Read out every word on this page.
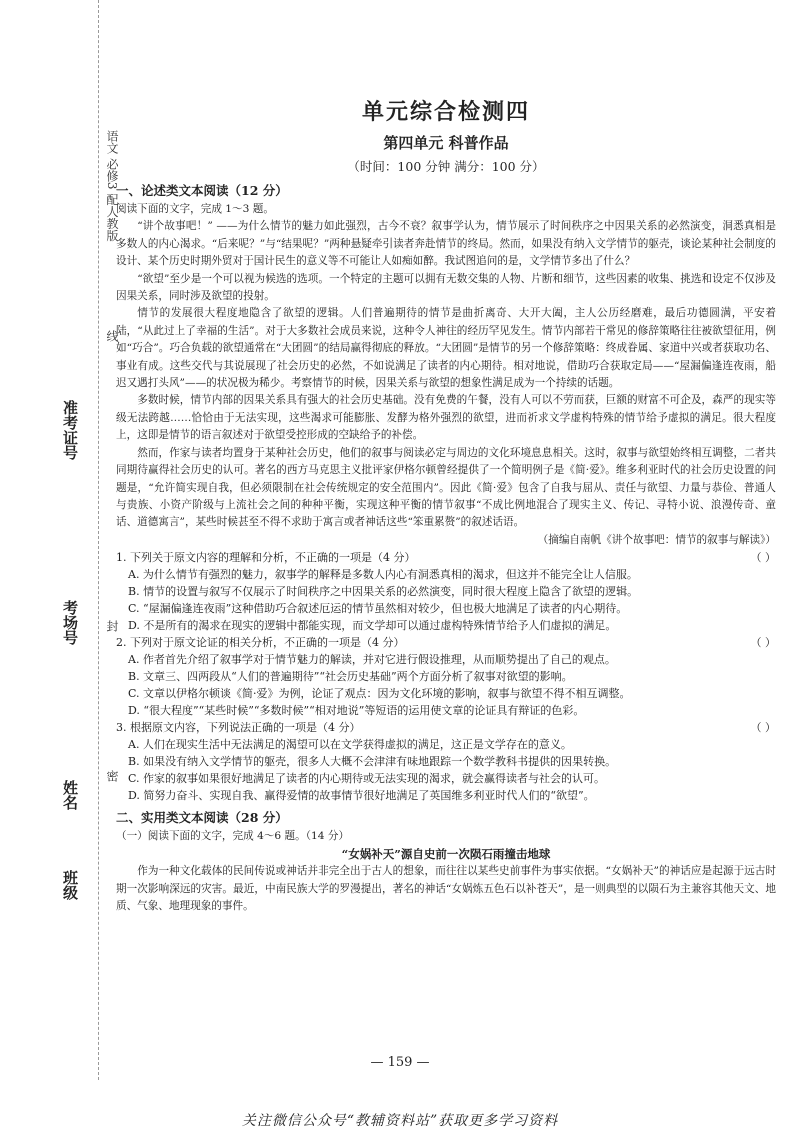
语文 必修3 配人教版
线
封
密
准考证号
考场号
姓名
班级
单元综合检测四
第四单元 科普作品
（时间：100 分钟 满分：100 分）
一、论述类文本阅读（12 分）

阅读下面的文字，完成 1～3 题。

“讲个故事吧！” ——为什么情节的魅力如此强烈，古今不衰？叙事学认为，情节展示了时间秩序之中因果关系的必然演变，洞悉真相是多数人的内心渴求。“后来呢？”与“结果呢？”两种悬疑牵引读者奔赴情节的终局。然而，如果没有纳入文学情节的躯壳，谈论某种社会制度的设计、某个历史时期外贸对于国计民生的意义等不可能让人如痴如醉。我试图追问的是，文学情节多出了什么？

“欲望”至少是一个可以视为候选的选项。一个特定的主题可以拥有无数交集的人物、片断和细节，这些因素的收集、挑选和设定不仅涉及因果关系，同时涉及欲望的投射。

情节的发展很大程度地隐含了欲望的逻辑。人们普遍期待的情节是曲折离奇、大开大阖，主人公历经磨难，最后功德圆满，平安着陆，“从此过上了幸福的生活”。对于大多数社会成员来说，这种令人神往的经历罕见发生。情节内部若干常见的修辞策略往往被欲望征用，例如“巧合”。巧合负载的欲望通常在“大团圆”的结局赢得彻底的释放。“大团圆”是情节的另一个修辞策略：终成眷属、家道中兴或者获取功名、事业有成。这些交代与其说展现了社会历史的必然，不如说满足了读者的内心期待。相对地说，借助巧合获取定局——“屋漏偏逢连夜雨，船迟又遇打头风”——的状况极为稀少。考察情节的时候，因果关系与欲望的想象性满足成为一个持续的话题。

多数时候，情节内部的因果关系具有强大的社会历史基础。没有免费的午餐，没有人可以不劳而获，巨额的财富不可企及，森严的现实等级无法跨越……恰恰由于无法实现，这些渴求可能膨胀、发酵为格外强烈的欲望，进而祈求文学虚构特殊的情节给予虚拟的满足。很大程度上，这即是情节的语言叙述对于欲望受控形成的空缺给予的补偿。

然而，作家与读者均置身于某种社会历史，他们的叙事与阅读必定与周边的文化环境息息相关。这时，叙事与欲望始终相互调整，二者共同期待赢得社会历史的认可。著名的西方马克思主义批评家伊格尔顿曾经提供了一个简明例子是《简·爱》。维多利亚时代的社会历史设置的问题是，“允许简实现自我，但必须限制在社会传统规定的安全范围内”。因此《简·爱》包含了自我与屈从、责任与欲望、力量与恭俭、普通人与贵族、小资产阶级与上流社会之间的种种平衡，实现这种平衡的情节叙事“不成比例地混合了现实主义、传记、寻特小说、浪漫传奇、童话、道德寓言”，某些时候甚至不得不求助于寓言或者神话这些“笨重累赘”的叙述话语。

（摘编自南帆《讲个故事吧：情节的叙事与解读》）
1. 下列关于原文内容的理解和分析，不正确的一项是（4 分）	（ ）
A. 为什么情节有强烈的魅力，叙事学的解释是多数人内心有洞悉真相的渴求，但这并不能完全让人信服。
B. 情节的设置与叙写不仅展示了时间秩序之中因果关系的必然演变，同时很大程度上隐含了欲望的逻辑。
C. “屋漏偏逢连夜雨”这种借助巧合叙述厄运的情节虽然相对较少，但也极大地满足了读者的内心期待。
D. 不是所有的渴求在现实的逻辑中都能实现，而文学却可以通过虚构特殊情节给予人们虚拟的满足。
2. 下列对于原文论证的相关分析，不正确的一项是（4 分）	（ ）
A. 作者首先介绍了叙事学对于情节魅力的解读，并对它进行假设推理，从而顺势提出了自己的观点。
B. 文章三、四两段从“人们的普遍期待”“社会历史基础”两个方面分析了叙事对欲望的影响。
C. 文章以伊格尔顿谈《简·爱》为例，论证了观点：因为文化环境的影响，叙事与欲望不得不相互调整。
D. “很大程度”“某些时候”“多数时候”“相对地说”等短语的运用使文章的论证具有辩证的色彩。
3. 根据原文内容，下列说法正确的一项是（4 分）	（ ）
A. 人们在现实生活中无法满足的渴望可以在文学获得虚拟的满足，这正是文学存在的意义。
B. 如果没有纳入文学情节的躯壳，很多人大概不会津津有味地跟踪一个数学教科书提供的因果转换。
C. 作家的叙事如果很好地满足了读者的内心期待或无法实现的渴求，就会赢得读者与社会的认可。
D. 简努力奋斗、实现自我、赢得爱情的故事情节很好地满足了英国维多利亚时代人们的“欲望”。
二、实用类文本阅读（28 分）

（一）阅读下面的文字，完成 4～6 题。（14 分）

“女娲补天”源自史前一次陨石雨撞击地球

作为一种文化载体的民间传说或神话并非完全出于古人的想象，而往往以某些史前事件为事实依据。“女娲补天”的神话应是起源于远古时期一次影响深远的灾害。最近，中南民族大学的罗漫提出，著名的神话“女娲炼五色石以补苍天”，是一则典型的以陨石为主兼容其他天文、地质、气象、地理现象的事件。

— 159 —
关注微信公众号“教辅资料站”获取更多学习资料
